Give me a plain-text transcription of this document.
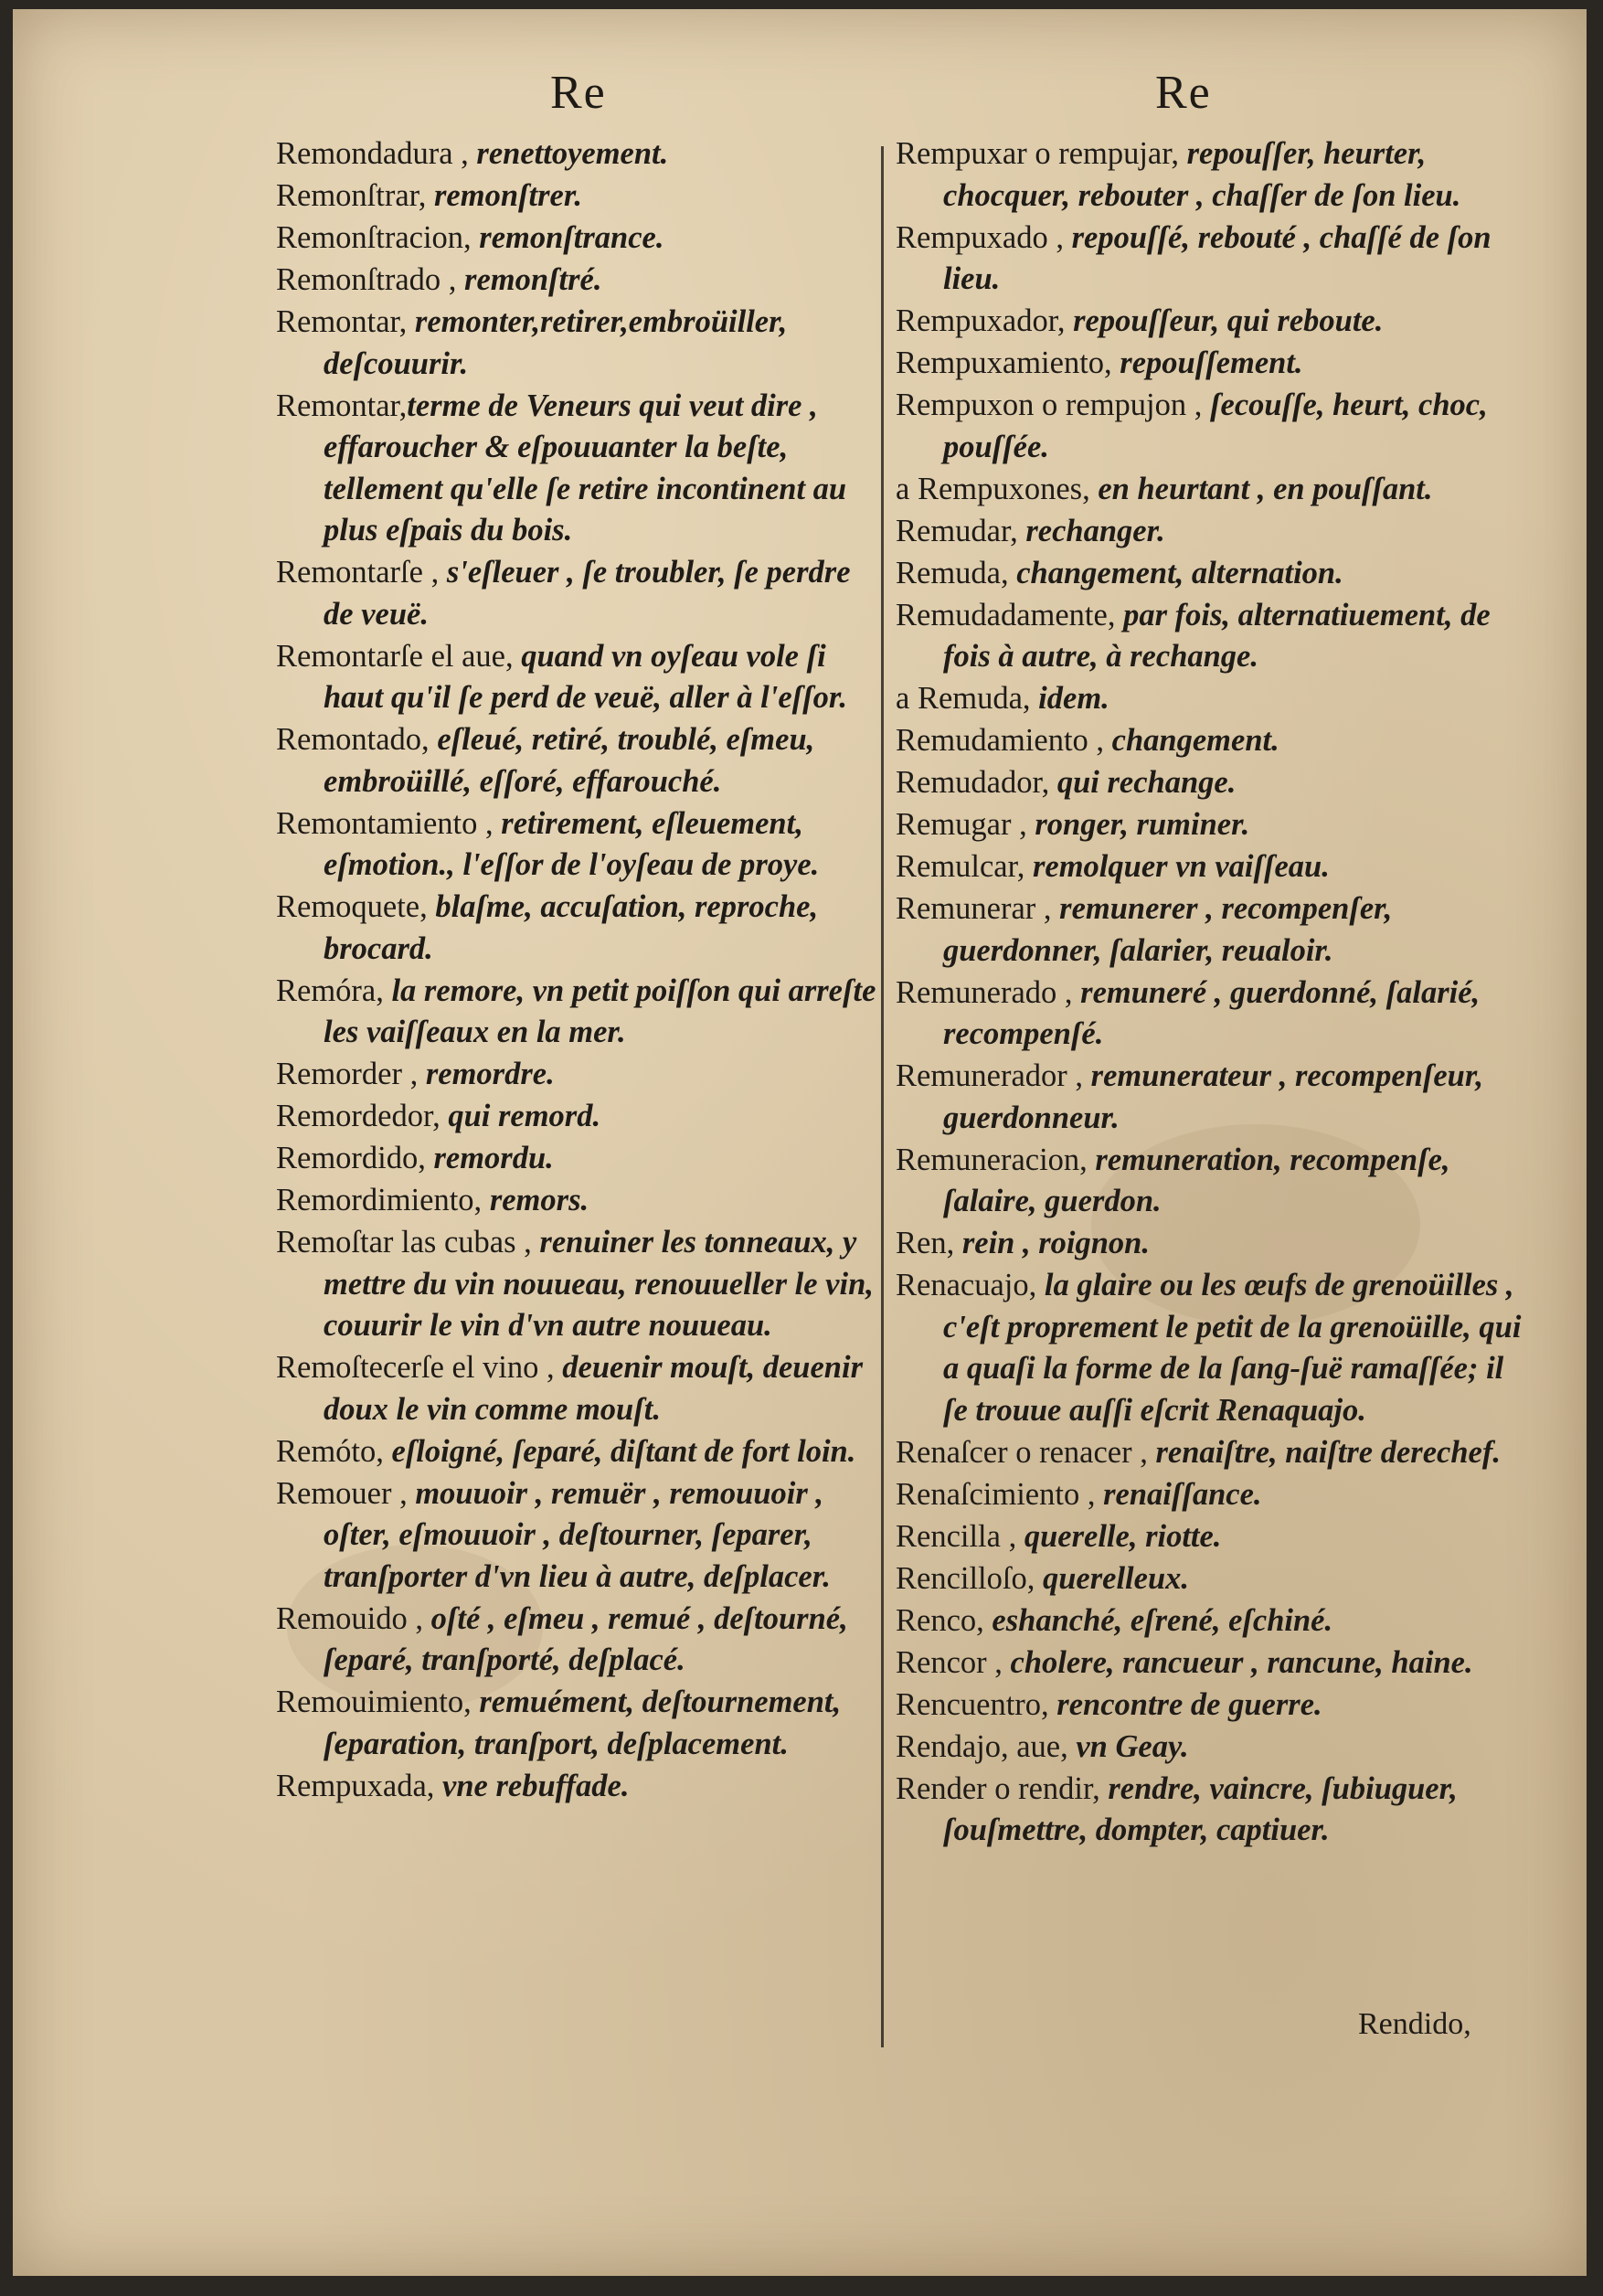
Re	Re

Remondadura , renettoyement.

Remonſtrar, remonſtrer.

Remonſtracion, remonſtrance.

Remonſtrado , remonſtré.

Remontar, remonter,retirer,embroüiller, deſcouurir.

Remontar,terme de Veneurs qui veut dire , effaroucher & eſpouuanter la beſte, tellement qu'elle ſe retire incontinent au plus eſpais du bois.

Remontarſe , s'eſleuer , ſe troubler, ſe perdre de veuë.

Remontarſe el aue, quand vn oyſeau vole ſi haut qu'il ſe perd de veuë, aller à l'eſſor.

Remontado, eſleué, retiré, troublé, eſmeu, embroüillé, eſſoré, effarouché.

Remontamiento , retirement, eſleuement, eſmotion., l'eſſor de l'oyſeau de proye.

Remoquete, blaſme, accuſation, reproche, brocard.

Remóra, la remore, vn petit poiſſon qui arreſte les vaiſſeaux en la mer.

Remorder , remordre.

Remordedor, qui remord.

Remordido, remordu.

Remordimiento, remors.

Remoſtar las cubas , renuiner les tonneaux, y mettre du vin nouueau, renouueller le vin, couurir le vin d'vn autre nouueau.

Remoſtecerſe el vino , deuenir mouſt, deuenir doux le vin comme mouſt.

Remóto, eſloigné, ſeparé, diſtant de fort loin.

Remouer , mouuoir , remuër , remouuoir , oſter, eſmouuoir , deſtourner, ſeparer, tranſporter d'vn lieu à autre, deſplacer.

Remouido , oſté , eſmeu , remué , deſtourné, ſeparé, tranſporté, deſplacé.

Remouimiento, remuément, deſtournement, ſeparation, tranſport, deſplacement.

Rempuxada, vne rebuffade.

Rempuxar o rempujar, repouſſer, heurter, chocquer, rebouter , chaſſer de ſon lieu.

Rempuxado , repouſſé, rebouté , chaſſé de ſon lieu.

Rempuxador, repouſſeur, qui reboute.

Rempuxamiento, repouſſement.

Rempuxon o rempujon , ſecouſſe, heurt, choc, pouſſée.

a Rempuxones, en heurtant , en pouſſant.

Remudar, rechanger.

Remuda, changement, alternation.

Remudadamente, par fois, alternatiuement, de fois à autre, à rechange.

a Remuda, idem.

Remudamiento , changement.

Remudador, qui rechange.

Remugar , ronger, ruminer.

Remulcar, remolquer vn vaiſſeau.

Remunerar , remunerer , recompenſer, guerdonner, ſalarier, reualoir.

Remunerado , remuneré , guerdonné, ſalarié, recompenſé.

Remunerador , remunerateur , recompenſeur, guerdonneur.

Remuneracion, remuneration, recompenſe, ſalaire, guerdon.

Ren, rein , roignon.

Renacuajo, la glaire ou les œufs de grenoüilles , c'eſt proprement le petit de la grenoüille, qui a quaſi la forme de la ſang-ſuë ramaſſée; il ſe trouue auſſi eſcrit Renaquajo.

Renaſcer o renacer , renaiſtre, naiſtre derechef.

Renaſcimiento , renaiſſance.

Rencilla , querelle, riotte.

Rencilloſo, querelleux.

Renco, eshanché, eſrené, eſchiné.

Rencor , cholere, rancueur , rancune, haine.

Rencuentro, rencontre de guerre.

Rendajo, aue, vn Geay.

Render o rendir, rendre, vaincre, ſubiuguer, ſouſmettre, dompter, captiuer.

Rendido,
